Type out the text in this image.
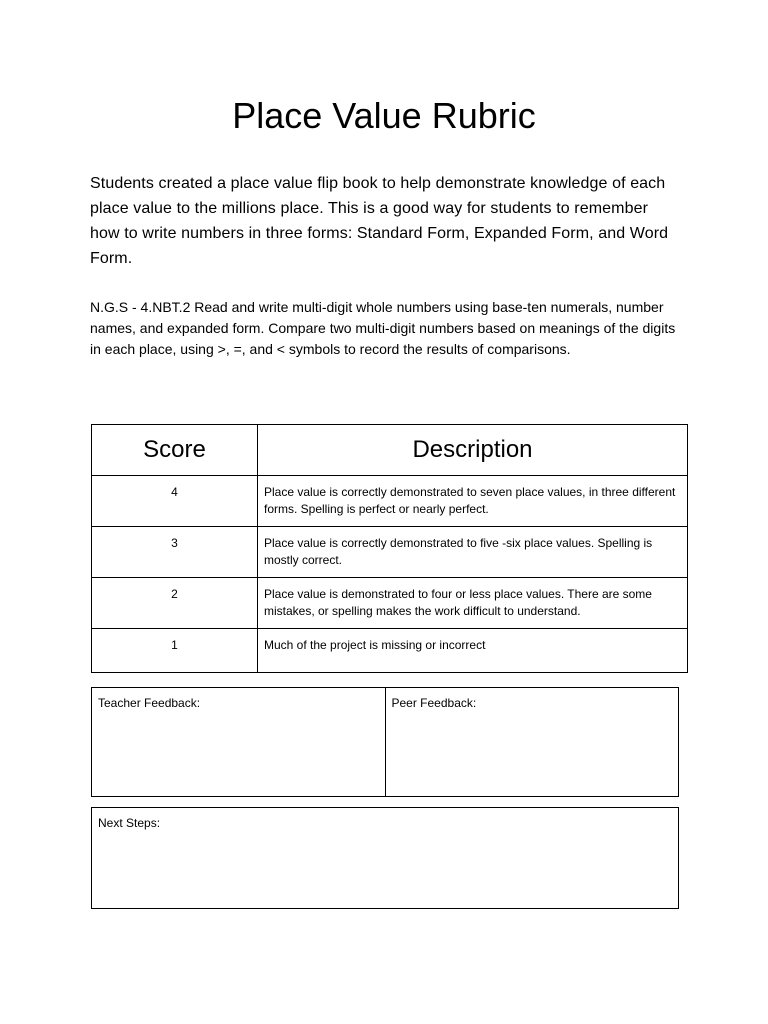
Place Value Rubric

Students created a place value flip book to help demonstrate knowledge of each place value to the millions place. This is a good way for students to remember how to write numbers in three forms: Standard Form, Expanded Form, and Word Form.

N.G.S - 4.NBT.2 Read and write multi-digit whole numbers using base-ten numerals, number names, and expanded form. Compare two multi-digit numbers based on meanings of the digits in each place, using >, =, and < symbols to record the results of comparisons.

Score	Description
4	Place value is correctly demonstrated to seven place values, in three different forms. Spelling is perfect or nearly perfect.
3	Place value is correctly demonstrated to five -six place values. Spelling is mostly correct.
2	Place value is demonstrated to four or less place values. There are some mistakes, or spelling makes the work difficult to understand.
1	Much of the project is missing or incorrect
Teacher Feedback:	Peer Feedback:
Next Steps:
